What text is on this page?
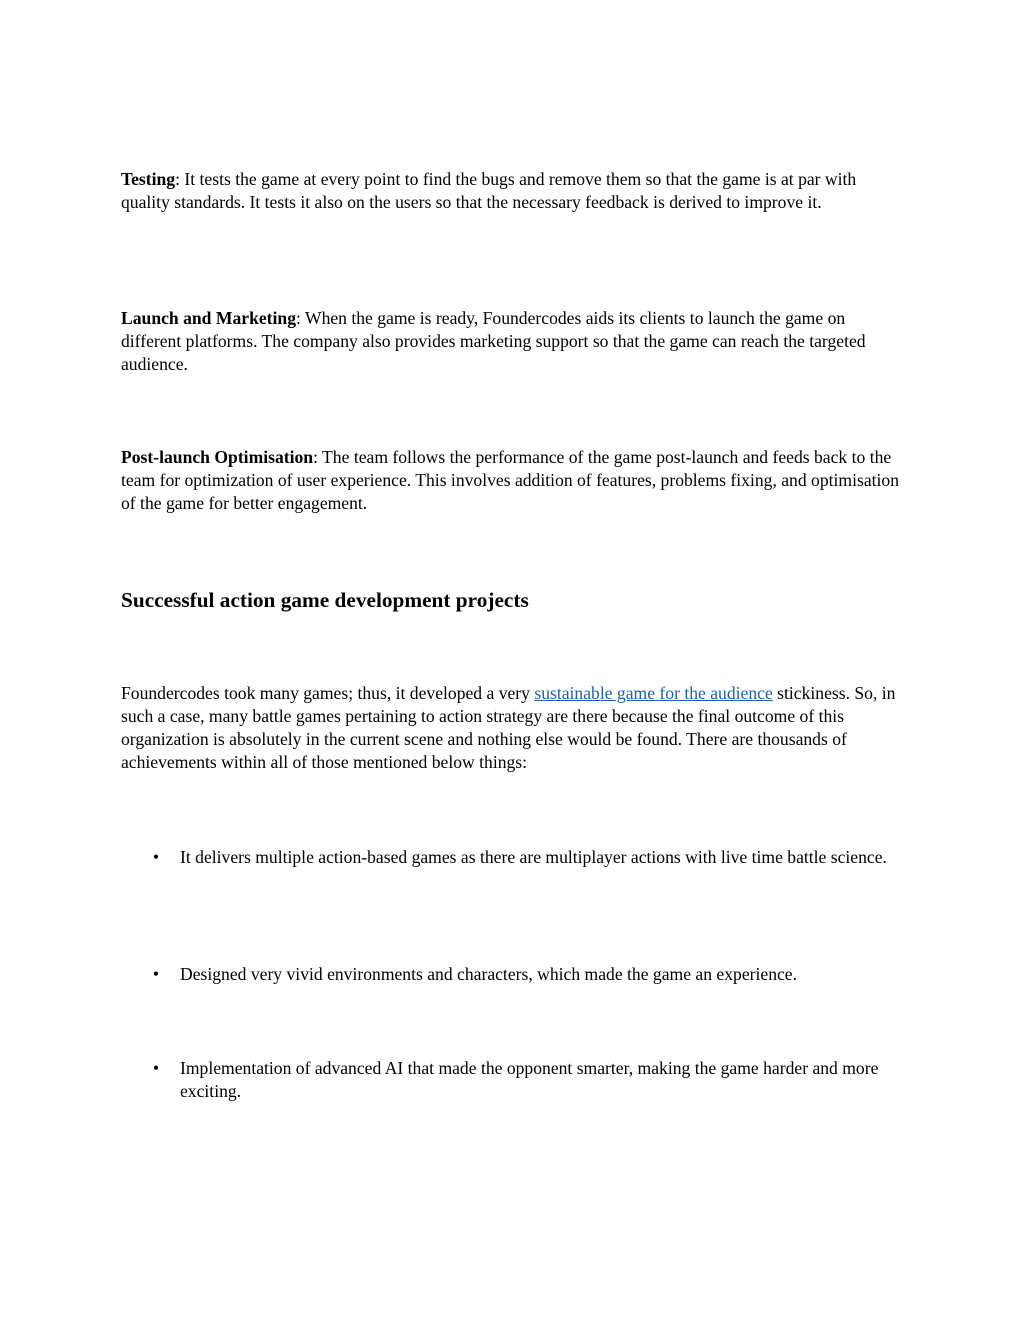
Testing: It tests the game at every point to find the bugs and remove them so that the game is at par with quality standards. It tests it also on the users so that the necessary feedback is derived to improve it.

Launch and Marketing: When the game is ready, Foundercodes aids its clients to launch the game on different platforms. The company also provides marketing support so that the game can reach the targeted audience.

Post-launch Optimisation: The team follows the performance of the game post-launch and feeds back to the team for optimization of user experience. This involves addition of features, problems fixing, and optimisation of the game for better engagement.

Successful action game development projects

Foundercodes took many games; thus, it developed a very sustainable game for the audience stickiness. So, in such a case, many battle games pertaining to action strategy are there because the final outcome of this organization is absolutely in the current scene and nothing else would be found. There are thousands of achievements within all of those mentioned below things:

• It delivers multiple action-based games as there are multiplayer actions with live time battle science.
• Designed very vivid environments and characters, which made the game an experience.
• Implementation of advanced AI that made the opponent smarter, making the game harder and more exciting.
